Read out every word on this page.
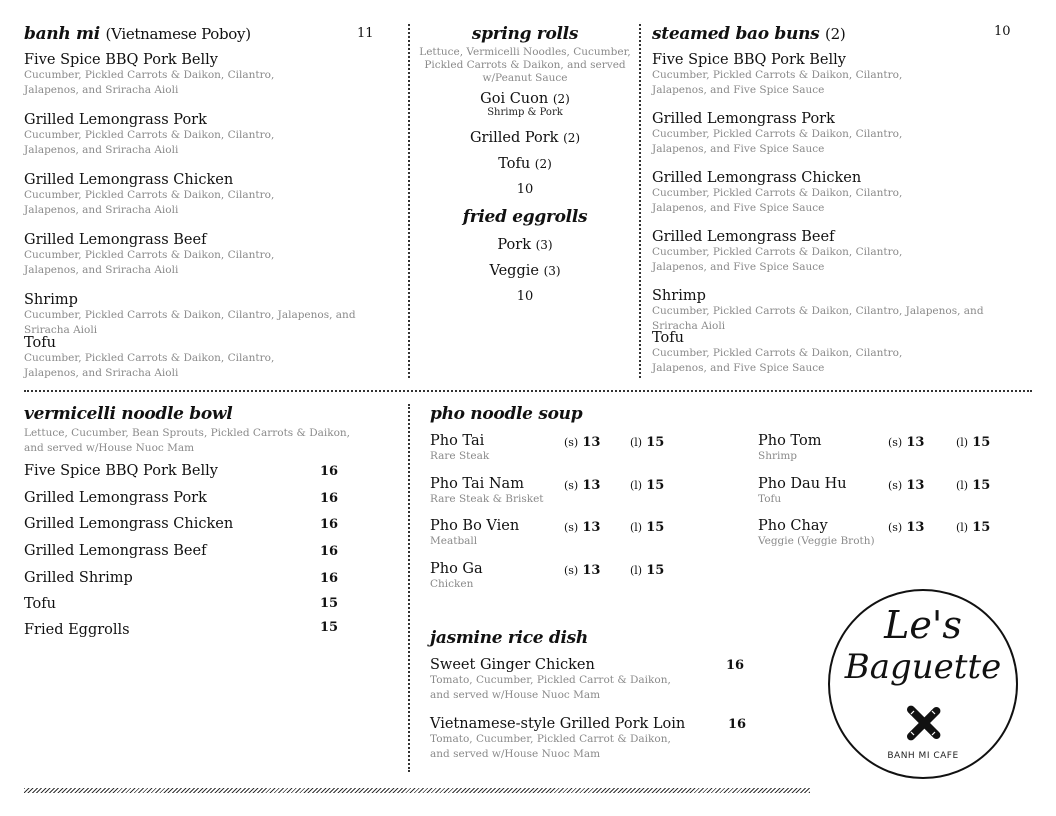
banh mi (Vietnamese Poboy)	11
Five Spice BBQ Pork Belly
Cucumber, Pickled Carrots & Daikon, Cilantro, Jalapenos, and Sriracha Aioli
Grilled Lemongrass Pork
Cucumber, Pickled Carrots & Daikon, Cilantro, Jalapenos, and Sriracha Aioli
Grilled Lemongrass Chicken
Cucumber, Pickled Carrots & Daikon, Cilantro, Jalapenos, and Sriracha Aioli
Grilled Lemongrass Beef
Cucumber, Pickled Carrots & Daikon, Cilantro, Jalapenos, and Sriracha Aioli
Shrimp
Cucumber, Pickled Carrots & Daikon, Cilantro, Jalapenos, and Sriracha Aioli
Tofu
Cucumber, Pickled Carrots & Daikon, Cilantro, Jalapenos, and Sriracha Aioli
spring rolls
Lettuce, Vermicelli Noodles, Cucumber, Pickled Carrots & Daikon, and served w/Peanut Sauce
Goi Cuon (2)
Shrimp & Pork
Grilled Pork (2)
Tofu (2)
10
fried eggrolls
Pork (3)
Veggie (3)
10
steamed bao buns (2)	10
Five Spice BBQ Pork Belly
Cucumber, Pickled Carrots & Daikon, Cilantro, Jalapenos, and Five Spice Sauce
Grilled Lemongrass Pork
Cucumber, Pickled Carrots & Daikon, Cilantro, Jalapenos, and Five Spice Sauce
Grilled Lemongrass Chicken
Cucumber, Pickled Carrots & Daikon, Cilantro, Jalapenos, and Five Spice Sauce
Grilled Lemongrass Beef
Cucumber, Pickled Carrots & Daikon, Cilantro, Jalapenos, and Five Spice Sauce
Shrimp
Cucumber, Pickled Carrots & Daikon, Cilantro, Jalapenos, and Sriracha Aioli
Tofu
Cucumber, Pickled Carrots & Daikon, Cilantro, Jalapenos, and Five Spice Sauce
vermicelli noodle bowl
Lettuce, Cucumber, Bean Sprouts, Pickled Carrots & Daikon, and served w/House Nuoc Mam
Five Spice BBQ Pork Belly	16
Grilled Lemongrass Pork	16
Grilled Lemongrass Chicken	16
Grilled Lemongrass Beef	16
Grilled Shrimp	16
Tofu	15
Fried Eggrolls	15
pho noodle soup
Pho Tai
Rare Steak
(s) 13	(l) 15
Pho Tai Nam
Rare Steak & Brisket
(s) 13	(l) 15
Pho Bo Vien
Meatball
(s) 13	(l) 15
Pho Ga
Chicken
(s) 13	(l) 15
Pho Tom
Shrimp
(s) 13	(l) 15
Pho Dau Hu
Tofu
(s) 13	(l) 15
Pho Chay
Veggie (Veggie Broth)
(s) 13	(l) 15
jasmine rice dish
Sweet Ginger Chicken
Tomato, Cucumber, Pickled Carrot & Daikon, and served w/House Nuoc Mam
16
Vietnamese-style Grilled Pork Loin
Tomato, Cucumber, Pickled Carrot & Daikon, and served w/House Nuoc Mam
16
Le's
Baguette
BANH MI CAFE
